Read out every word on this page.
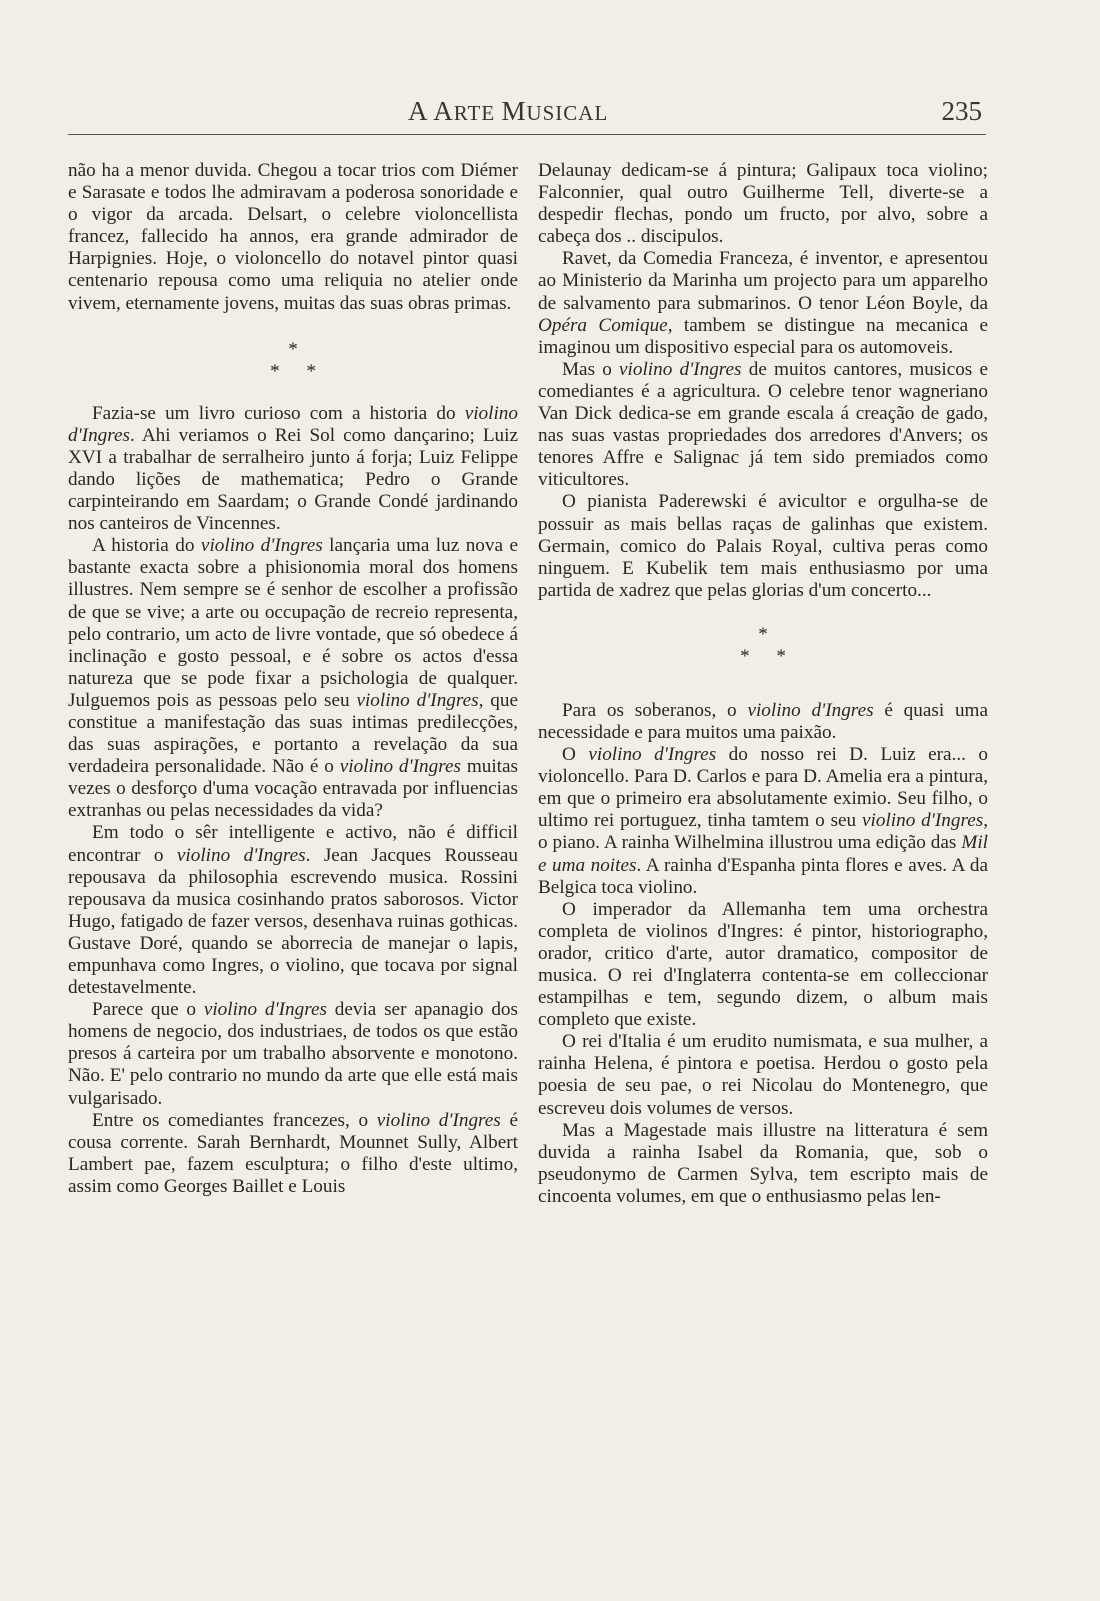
A ARTE MUSICAL	235

não ha a menor duvida. Chegou a tocar trios com Diémer e Sarasate e todos lhe admiravam a poderosa sonoridade e o vigor da arcada. Delsart, o celebre violoncellista francez, fallecido ha annos, era grande admirador de Harpignies. Hoje, o violoncello do notavel pintor quasi centenario repousa como uma reliquia no atelier onde vivem, eternamente jovens, muitas das suas obras primas.

*
* *

Fazia-se um livro curioso com a historia do violino d'Ingres. Ahi veriamos o Rei Sol como dançarino; Luiz XVI a trabalhar de serralheiro junto á forja; Luiz Felippe dando lições de mathematica; Pedro o Grande carpinteirando em Saardam; o Grande Condé jardinando nos canteiros de Vincennes.

A historia do violino d'Ingres lançaria uma luz nova e bastante exacta sobre a phisionomia moral dos homens illustres. Nem sempre se é senhor de escolher a profissão de que se vive; a arte ou occupação de recreio representa, pelo contrario, um acto de livre vontade, que só obedece á inclinação e gosto pessoal, e é sobre os actos d'essa natureza que se pode fixar a psichologia de qualquer. Julguemos pois as pessoas pelo seu violino d'Ingres, que constitue a manifestação das suas intimas predilecções, das suas aspirações, e portanto a revelação da sua verdadeira personalidade. Não é o violino d'Ingres muitas vezes o desforço d'uma vocação entravada por influencias extranhas ou pelas necessidades da vida?

Em todo o sêr intelligente e activo, não é difficil encontrar o violino d'Ingres. Jean Jacques Rousseau repousava da philosophia escrevendo musica. Rossini repousava da musica cosinhando pratos saborosos. Victor Hugo, fatigado de fazer versos, desenhava ruinas gothicas. Gustave Doré, quando se aborrecia de manejar o lapis, empunhava como Ingres, o violino, que tocava por signal detestavelmente.

Parece que o violino d'Ingres devia ser apanagio dos homens de negocio, dos industriaes, de todos os que estão presos á carteira por um trabalho absorvente e monotono. Não. E' pelo contrario no mundo da arte que elle está mais vulgarisado.

Entre os comediantes francezes, o violino d'Ingres é cousa corrente. Sarah Bernhardt, Mounnet Sully, Albert Lambert pae, fazem esculptura; o filho d'este ultimo, assim como Georges Baillet e Louis

Delaunay dedicam-se á pintura; Galipaux toca violino; Falconnier, qual outro Guilherme Tell, diverte-se a despedir flechas, pondo um fructo, por alvo, sobre a cabeça dos .. discipulos.

Ravet, da Comedia Franceza, é inventor, e apresentou ao Ministerio da Marinha um projecto para um apparelho de salvamento para submarinos. O tenor Léon Boyle, da Opéra Comique, tambem se distingue na mecanica e imaginou um dispositivo especial para os automoveis.

Mas o violino d'Ingres de muitos cantores, musicos e comediantes é a agricultura. O celebre tenor wagneriano Van Dick dedica-se em grande escala á creação de gado, nas suas vastas propriedades dos arredores d'Anvers; os tenores Affre e Salignac já tem sido premiados como viticultores.

O pianista Paderewski é avicultor e orgulha-se de possuir as mais bellas raças de galinhas que existem. Germain, comico do Palais Royal, cultiva peras como ninguem. E Kubelik tem mais enthusiasmo por uma partida de xadrez que pelas glorias d'um concerto...

*
* *

Para os soberanos, o violino d'Ingres é quasi uma necessidade e para muitos uma paixão.

O violino d'Ingres do nosso rei D. Luiz era... o violoncello. Para D. Carlos e para D. Amelia era a pintura, em que o primeiro era absolutamente eximio. Seu filho, o ultimo rei portuguez, tinha tamtem o seu violino d'Ingres, o piano. A rainha Wilhelmina illustrou uma edição das Mil e uma noites. A rainha d'Espanha pinta flores e aves. A da Belgica toca violino.

O imperador da Allemanha tem uma orchestra completa de violinos d'Ingres: é pintor, historiographo, orador, critico d'arte, autor dramatico, compositor de musica. O rei d'Inglaterra contenta-se em colleccionar estampilhas e tem, segundo dizem, o album mais completo que existe.

O rei d'Italia é um erudito numismata, e sua mulher, a rainha Helena, é pintora e poetisa. Herdou o gosto pela poesia de seu pae, o rei Nicolau do Montenegro, que escreveu dois volumes de versos.

Mas a Magestade mais illustre na litteratura é sem duvida a rainha Isabel da Romania, que, sob o pseudonymo de Carmen Sylva, tem escripto mais de cincoenta volumes, em que o enthusiasmo pelas len-
